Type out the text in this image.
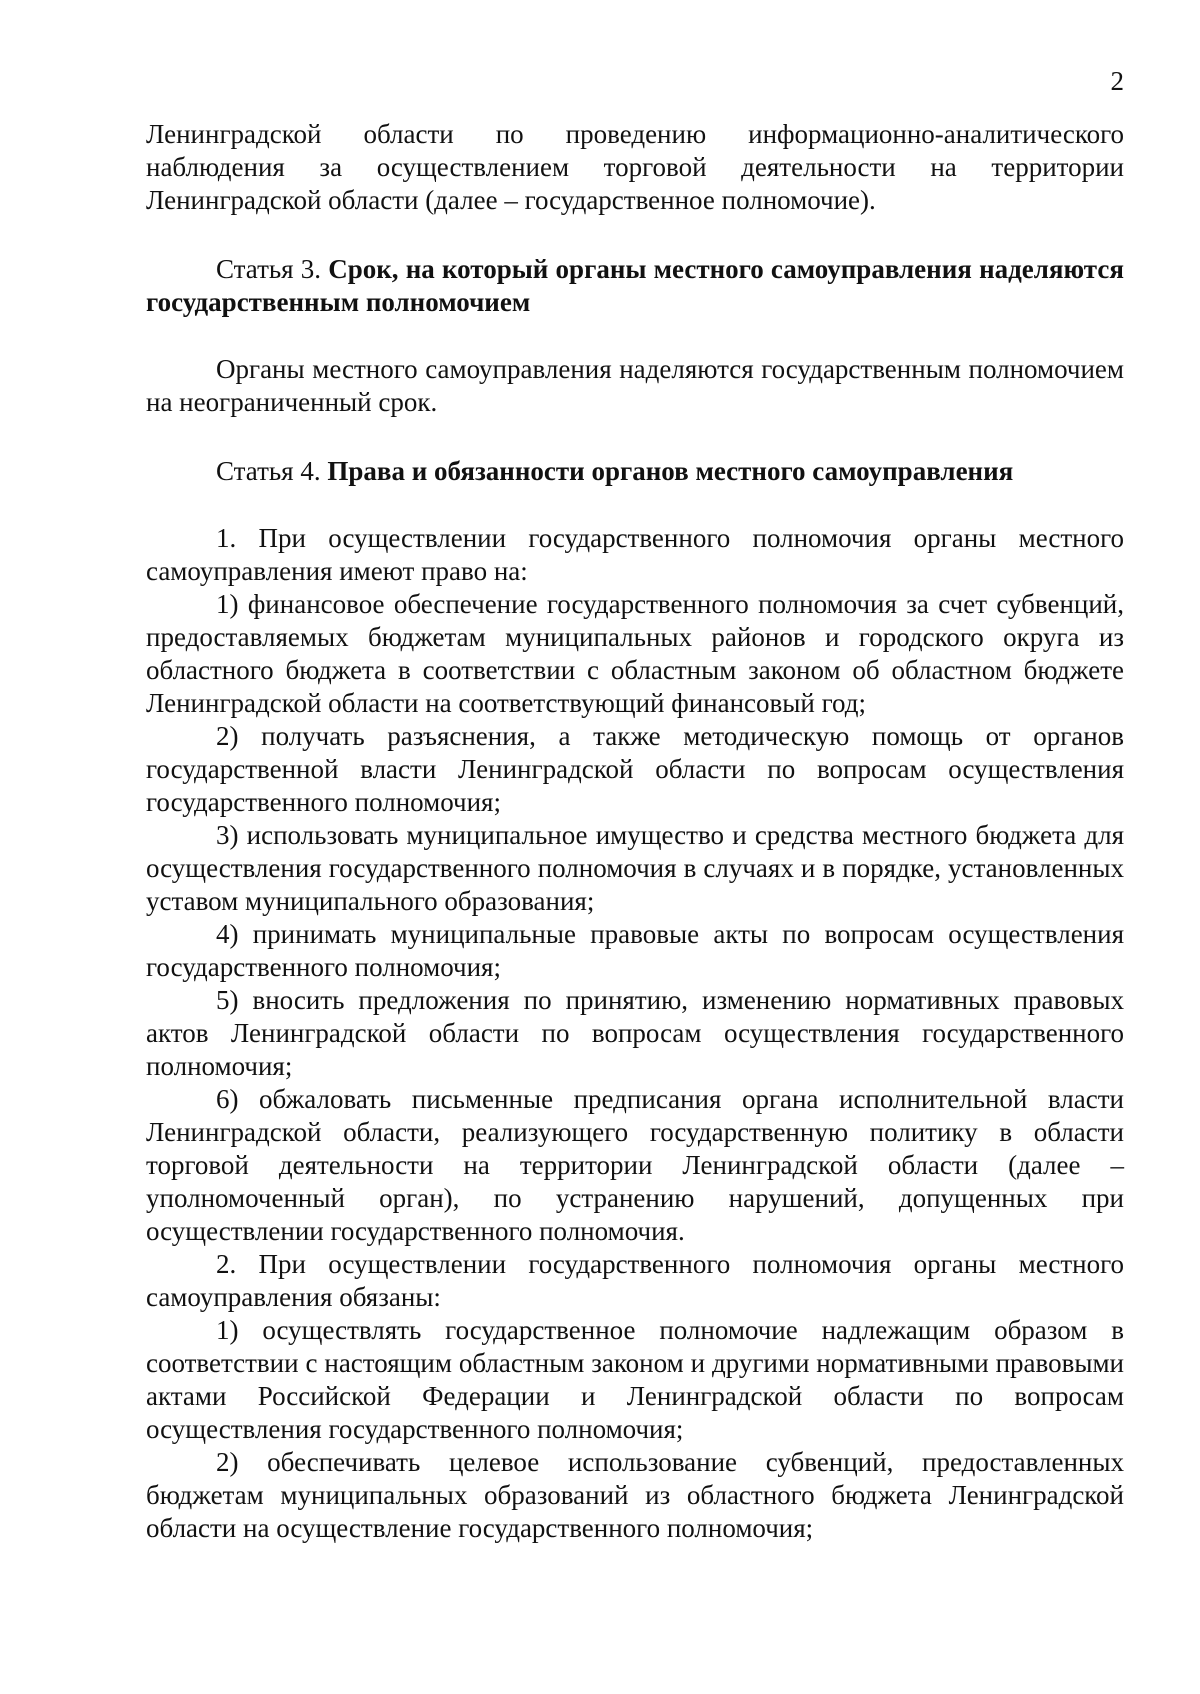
2

Ленинградской области по проведению информационно-аналитического наблюдения за осуществлением торговой деятельности на территории Ленинградской области (далее – государственное полномочие).

Статья 3. Срок, на который органы местного самоуправления наделяются государственным полномочием

Органы местного самоуправления наделяются государственным полномочием на неограниченный срок.

Статья 4. Права и обязанности органов местного самоуправления

1. При осуществлении государственного полномочия органы местного самоуправления имеют право на:

1) финансовое обеспечение государственного полномочия за счет субвенций, предоставляемых бюджетам муниципальных районов и городского округа из областного бюджета в соответствии с областным законом об областном бюджете Ленинградской области на соответствующий финансовый год;

2) получать разъяснения, а также методическую помощь от органов государственной власти Ленинградской области по вопросам осуществления государственного полномочия;

3) использовать муниципальное имущество и средства местного бюджета для осуществления государственного полномочия в случаях и в порядке, установленных уставом муниципального образования;

4) принимать муниципальные правовые акты по вопросам осуществления государственного полномочия;

5) вносить предложения по принятию, изменению нормативных правовых актов Ленинградской области по вопросам осуществления государственного полномочия;

6) обжаловать письменные предписания органа исполнительной власти Ленинградской области, реализующего государственную политику в области торговой деятельности на территории Ленинградской области (далее – уполномоченный орган), по устранению нарушений, допущенных при осуществлении государственного полномочия.

2. При осуществлении государственного полномочия органы местного самоуправления обязаны:

1) осуществлять государственное полномочие надлежащим образом в соответствии с настоящим областным законом и другими нормативными правовыми актами Российской Федерации и Ленинградской области по вопросам осуществления государственного полномочия;

2) обеспечивать целевое использование субвенций, предоставленных бюджетам муниципальных образований из областного бюджета Ленинградской области на осуществление государственного полномочия;
